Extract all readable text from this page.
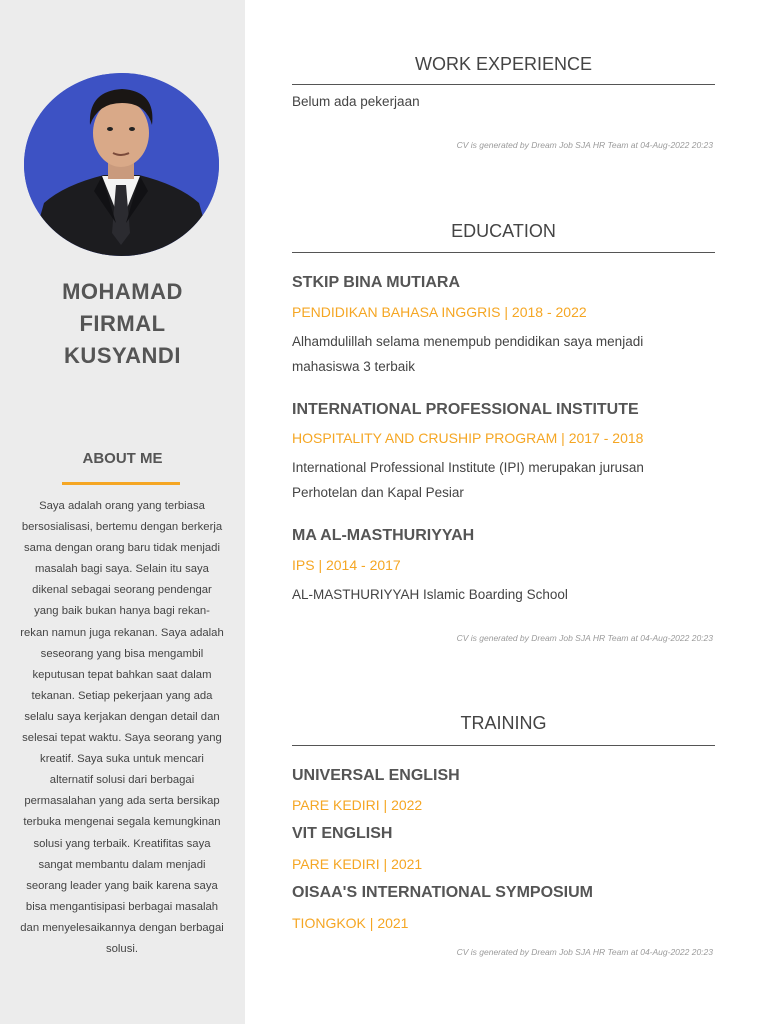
MOHAMAD
FIRMAL
KUSYANDI
ABOUT ME
Saya adalah orang yang terbiasa bersosialisasi, bertemu dengan berkerja sama dengan orang baru tidak menjadi masalah bagi saya. Selain itu saya dikenal sebagai seorang pendengar yang baik bukan hanya bagi rekan-rekan namun juga rekanan. Saya adalah seseorang yang bisa mengambil keputusan tepat bahkan saat dalam tekanan. Setiap pekerjaan yang ada selalu saya kerjakan dengan detail dan selesai tepat waktu. Saya seorang yang kreatif. Saya suka untuk mencari alternatif solusi dari berbagai permasalahan yang ada serta bersikap terbuka mengenai segala kemungkinan solusi yang terbaik. Kreatifitas saya sangat membantu dalam menjadi seorang leader yang baik karena saya bisa mengantisipasi berbagai masalah dan menyelesaikannya dengan berbagai solusi.
WORK EXPERIENCE
Belum ada pekerjaan
CV is generated by Dream Job SJA HR Team at 04-Aug-2022 20:23
EDUCATION
STKIP BINA MUTIARA
PENDIDIKAN BAHASA INGGRIS | 2018 - 2022
Alhamdulillah selama menempub pendidikan saya menjadi mahasiswa 3 terbaik
INTERNATIONAL PROFESSIONAL INSTITUTE
HOSPITALITY AND CRUSHIP PROGRAM | 2017 - 2018
International Professional Institute (IPI) merupakan jurusan Perhotelan dan Kapal Pesiar
MA AL-MASTHURIYYAH
IPS | 2014 - 2017
AL-MASTHURIYYAH Islamic Boarding School
CV is generated by Dream Job SJA HR Team at 04-Aug-2022 20:23
TRAINING
UNIVERSAL ENGLISH
PARE KEDIRI | 2022
VIT ENGLISH
PARE KEDIRI | 2021
OISAA'S INTERNATIONAL SYMPOSIUM
TIONGKOK | 2021
CV is generated by Dream Job SJA HR Team at 04-Aug-2022 20:23
